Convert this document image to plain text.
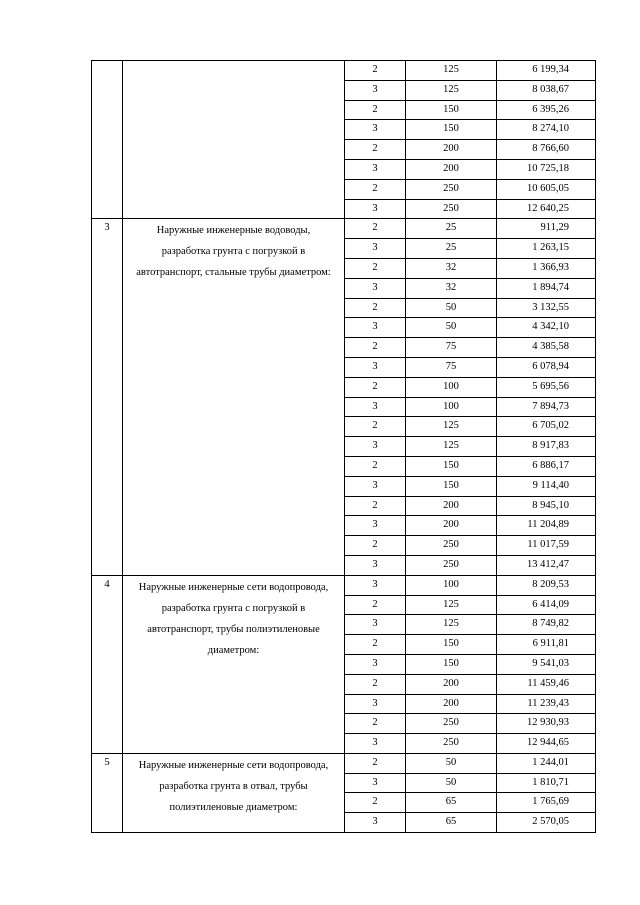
		2	125	6 199,34
		3	125	8 038,67
		2	150	6 395,26
		3	150	8 274,10
		2	200	8 766,60
		3	200	10 725,18
		2	250	10 605,05
		3	250	12 640,25
3	Наружные инженерные водоводы, разработка грунта с погрузкой в автотранспорт, стальные трубы диаметром:	2	25	911,29
		3	25	1 263,15
		2	32	1 366,93
		3	32	1 894,74
		2	50	3 132,55
		3	50	4 342,10
		2	75	4 385,58
		3	75	6 078,94
		2	100	5 695,56
		3	100	7 894,73
		2	125	6 705,02
		3	125	8 917,83
		2	150	6 886,17
		3	150	9 114,40
		2	200	8 945,10
		3	200	11 204,89
		2	250	11 017,59
		3	250	13 412,47
4	Наружные инженерные сети водопровода, разработка грунта с погрузкой в автотранспорт, трубы полиэтиленовые диаметром:	3	100	8 209,53
		2	125	6 414,09
		3	125	8 749,82
		2	150	6 911,81
		3	150	9 541,03
		2	200	11 459,46
		3	200	11 239,43
		2	250	12 930,93
		3	250	12 944,65
5	Наружные инженерные сети водопровода, разработка грунта в отвал, трубы полиэтиленовые диаметром:	2	50	1 244,01
		3	50	1 810,71
		2	65	1 765,69
		3	65	2 570,05
